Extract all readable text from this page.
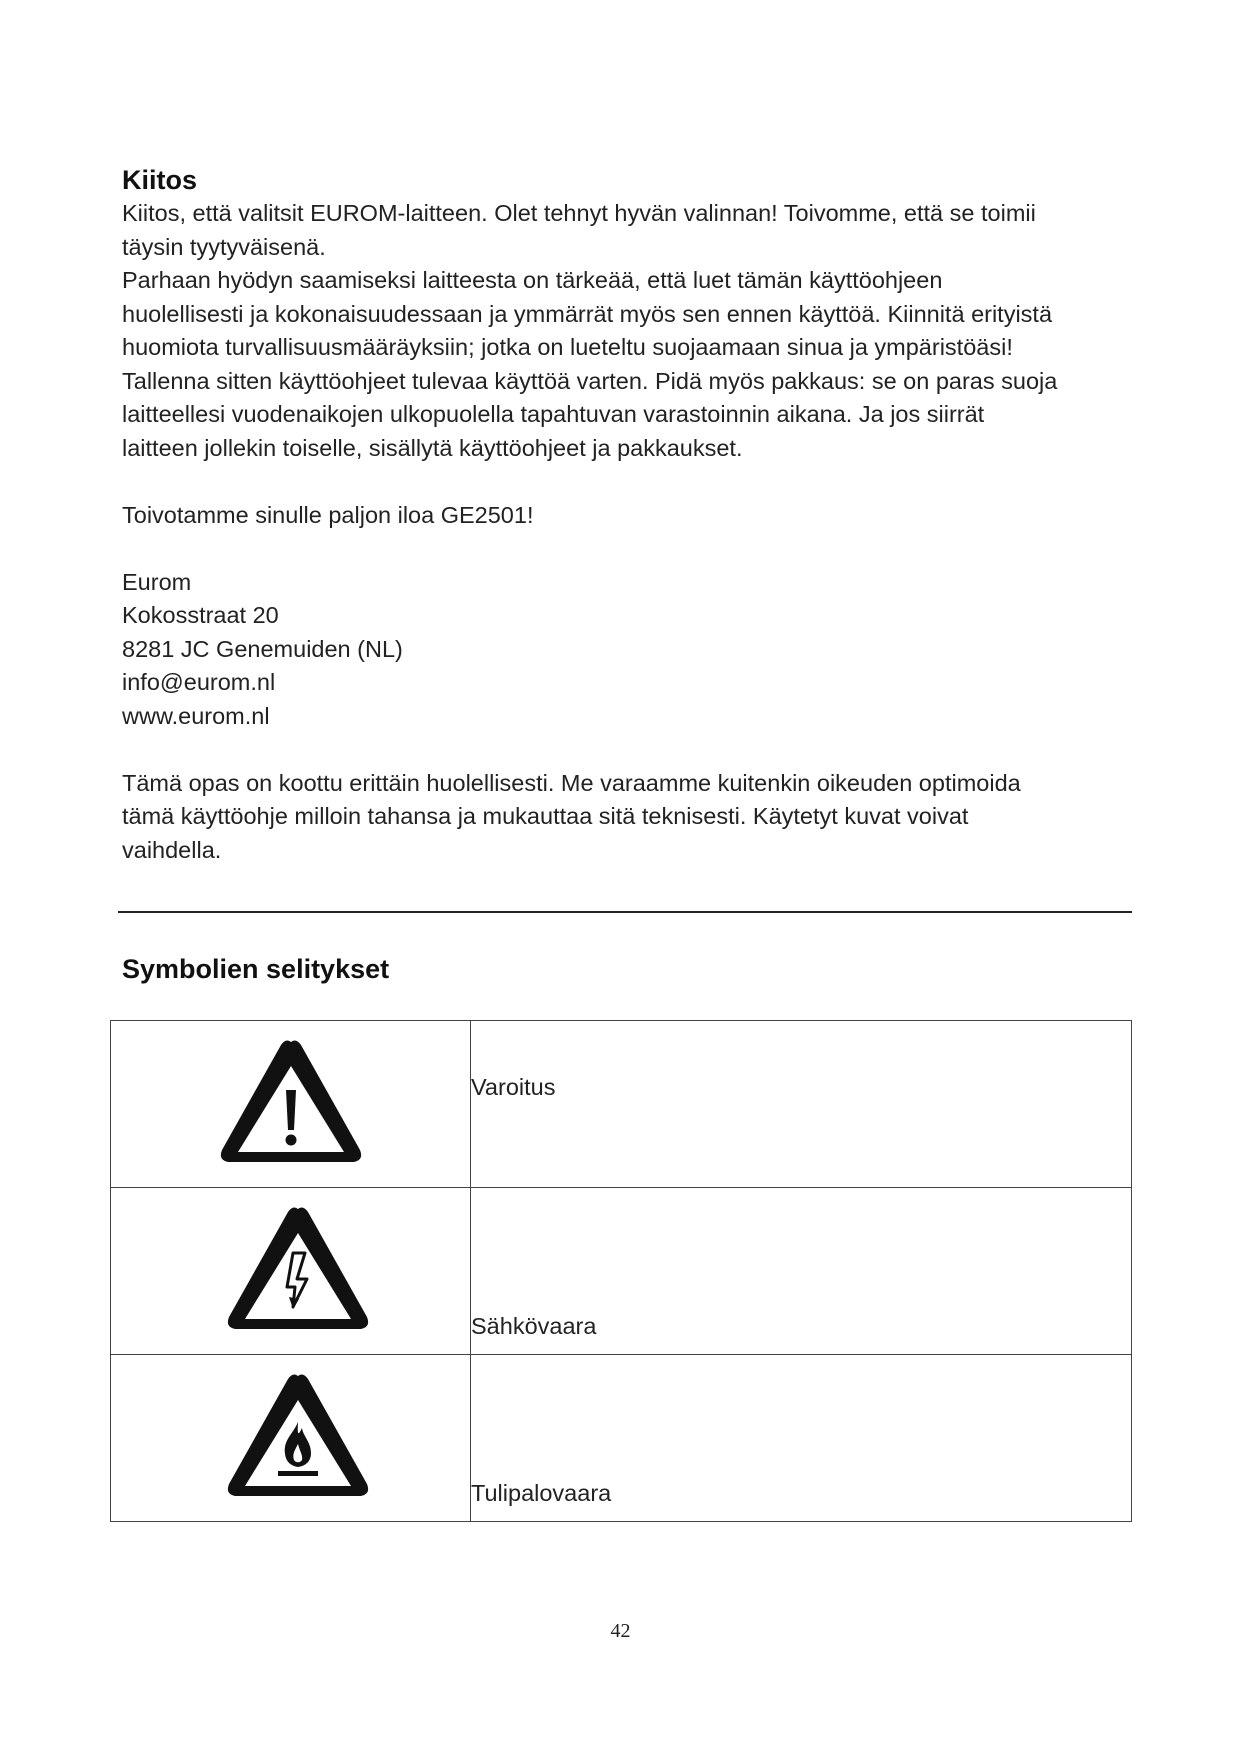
Kiitos

Kiitos, että valitsit EUROM-laitteen. Olet tehnyt hyvän valinnan! Toivomme, että se toimii
täysin tyytyväisenä.
Parhaan hyödyn saamiseksi laitteesta on tärkeää, että luet tämän käyttöohjeen
huolellisesti ja kokonaisuudessaan ja ymmärrät myös sen ennen käyttöä. Kiinnitä erityistä
huomiota turvallisuusmääräyksiin; jotka on lueteltu suojaamaan sinua ja ympäristöäsi!
Tallenna sitten käyttöohjeet tulevaa käyttöä varten. Pidä myös pakkaus: se on paras suoja
laitteellesi vuodenaikojen ulkopuolella tapahtuvan varastoinnin aikana. Ja jos siirrät
laitteen jollekin toiselle, sisällytä käyttöohjeet ja pakkaukset.

Toivotamme sinulle paljon iloa GE2501!

Eurom
Kokosstraat 20
8281 JC Genemuiden (NL)
info@eurom.nl
www.eurom.nl

Tämä opas on koottu erittäin huolellisesti. Me varaamme kuitenkin oikeuden optimoida
tämä käyttöohje milloin tahansa ja mukauttaa sitä teknisesti. Käytetyt kuvat voivat
vaihdella.

Symbolien selitykset

Varoitus

Sähkövaara

Tulipalovaara
42
